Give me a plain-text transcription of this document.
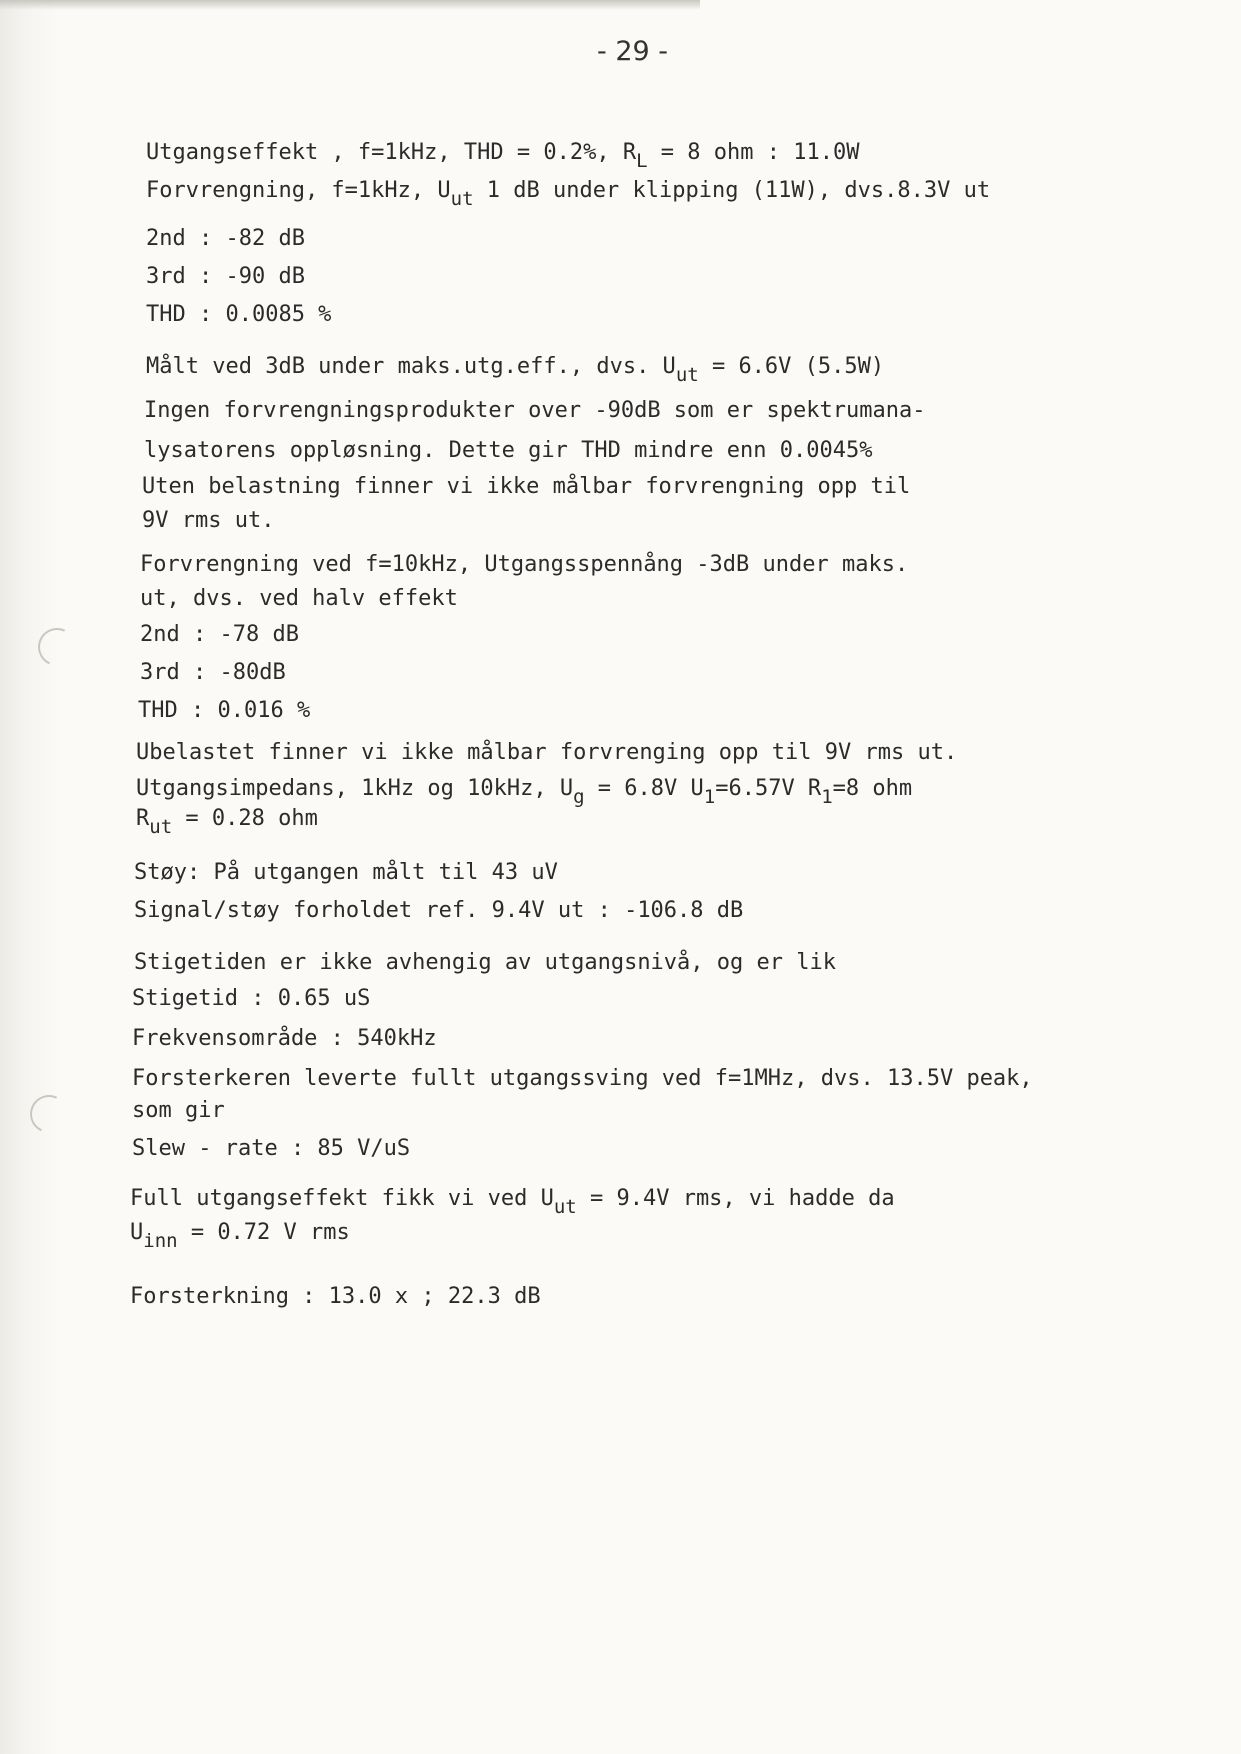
- 29 -
Utgangseffekt , f=1kHz, THD = 0.2%, RL = 8 ohm : 11.0W
Forvrengning, f=1kHz, Uut 1 dB under klipping (11W), dvs.8.3V ut
2nd : -82 dB
3rd : -90 dB
THD : 0.0085 %
Målt ved 3dB under maks.utg.eff., dvs. Uut = 6.6V (5.5W)
Ingen forvrengningsprodukter over -90dB som er spektrumana-
lysatorens oppløsning. Dette gir THD mindre enn 0.0045%
Uten belastning finner vi ikke målbar forvrengning opp til
9V rms ut.
Forvrengning ved f=10kHz, Utgangsspennång -3dB under maks.
ut, dvs. ved halv effekt
2nd : -78 dB
3rd : -80dB
THD : 0.016 %
Ubelastet finner vi ikke målbar forvrenging opp til 9V rms ut.
Utgangsimpedans, 1kHz og 10kHz, Ug = 6.8V U1=6.57V R1=8 ohm
Rut = 0.28 ohm
Støy: På utgangen målt til 43 uV
Signal/støy forholdet ref. 9.4V ut : -106.8 dB
Stigetiden er ikke avhengig av utgangsnivå, og er lik
Stigetid : 0.65 uS
Frekvensområde : 540kHz
Forsterkeren leverte fullt utgangssving ved f=1MHz, dvs. 13.5V peak,
som gir
Slew - rate : 85 V/uS
Full utgangseffekt fikk vi ved Uut = 9.4V rms, vi hadde da
Uinn = 0.72 V rms
Forsterkning : 13.0 x ; 22.3 dB
